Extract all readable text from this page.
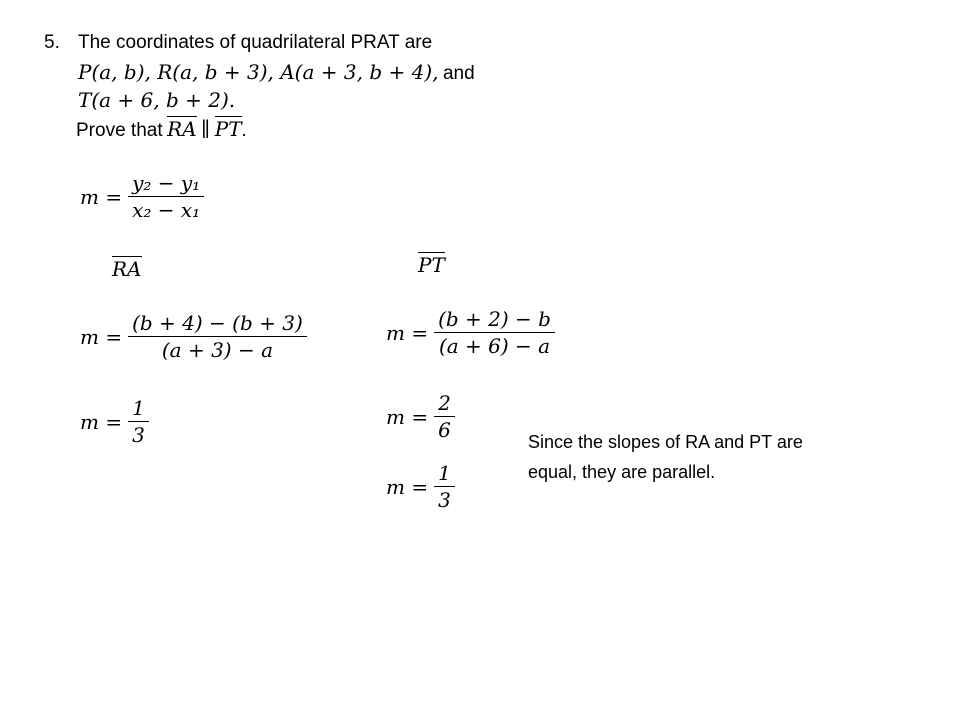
5. The coordinates of quadrilateral PRAT are
P(a, b), R(a, b + 3), A(a + 3, b + 4), and
T(a + 6, b + 2).
Prove that RA ∥ PT.
$m = \frac{\text{y₂ − y₁}}{\text{x₂ − x₁}}$
RA
$m = \frac{(b + 4) - (b + 3)}{(a + 3) - a}$
$m = \frac{1}{3}$
PT
$m = \frac{(b + 2) - b}{(a + 6) - a}$
$m = \frac{2}{6}$
$m = \frac{1}{3}$
Since the slopes of RA and PT are
equal, they are parallel.
